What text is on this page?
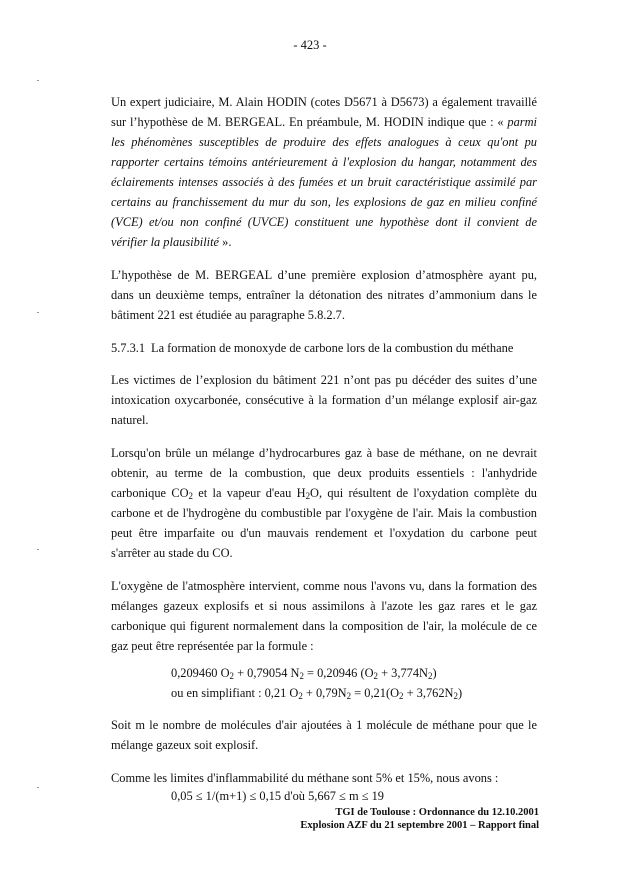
- 423 -

Un expert judiciaire, M. Alain HODIN (cotes D5671 à D5673) a également travaillé sur l’hypothèse de M. BERGEAL. En préambule, M. HODIN indique que : « parmi les phénomènes susceptibles de produire des effets analogues à ceux qu'ont pu rapporter certains témoins antérieurement à l'explosion du hangar, notamment des éclairements intenses associés à des fumées et un bruit caractéristique assimilé par certains au franchissement du mur du son, les explosions de gaz en milieu confiné (VCE) et/ou non confiné (UVCE) constituent une hypothèse dont il convient de vérifier la plausibilité ».

L’hypothèse de M. BERGEAL d’une première explosion d’atmosphère ayant pu, dans un deuxième temps, entraîner la détonation des nitrates d’ammonium dans le bâtiment 221 est étudiée au paragraphe 5.8.2.7.

5.7.3.1 La formation de monoxyde de carbone lors de la combustion du méthane

Les victimes de l’explosion du bâtiment 221 n’ont pas pu décéder des suites d’une intoxication oxycarbonée, consécutive à la formation d’un mélange explosif air-gaz naturel.

Lorsqu'on brûle un mélange d’hydrocarbures gaz à base de méthane, on ne devrait obtenir, au terme de la combustion, que deux produits essentiels : l'anhydride carbonique $CO_2$ et la vapeur d'eau $H_2O$, qui résultent de l'oxydation complète du carbone et de l'hydrogène du combustible par l'oxygène de l'air. Mais la combustion peut être imparfaite ou d'un mauvais rendement et l'oxydation du carbone peut s'arrêter au stade du CO.

L'oxygène de l'atmosphère intervient, comme nous l'avons vu, dans la formation des mélanges gazeux explosifs et si nous assimilons à l'azote les gaz rares et le gaz carbonique qui figurent normalement dans la composition de l'air, la molécule de ce gaz peut être représentée par la formule :

0,209460 $O_2 + 0,79054$ $N_2 = 0,20946$ $(O_2 + 3,774N_2)$
ou en simplifiant : 0,21 $O_2 + 0,79N_2 = 0,21(O_2 + 3,762N_2)$

Soit m le nombre de molécules d'air ajoutées à 1 molécule de méthane pour que le mélange gazeux soit explosif.

Comme les limites d'inflammabilité du méthane sont 5% et 15%, nous avons :

0,05 ≤ 1/(m+1) ≤ 0,15 d'où 5,667 ≤ m ≤ 19
TGI de Toulouse : Ordonnance du 12.10.2001
Explosion AZF du 21 septembre 2001 – Rapport final
